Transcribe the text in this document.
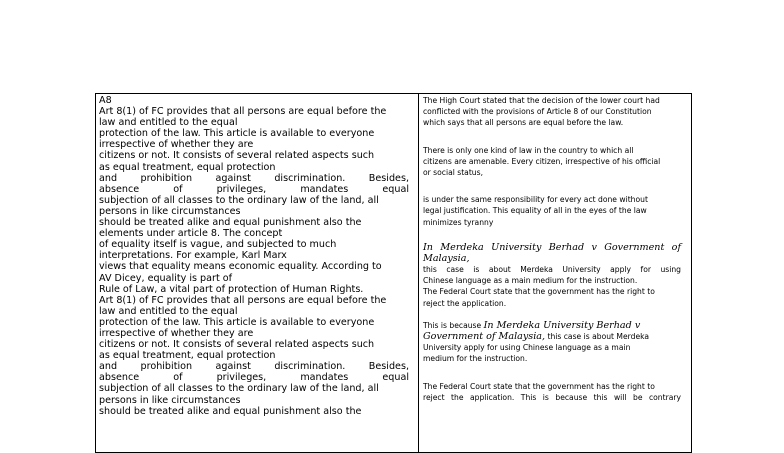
A8
Art 8(1) of FC provides that all persons are equal before the
law and entitled to the equal
protection of the law. This article is available to everyone
irrespective of whether they are
citizens or not. It consists of several related aspects such
as equal treatment, equal protection
and prohibition against discrimination. Besides,
absence of privileges, mandates equal
subjection of all classes to the ordinary law of the land, all
persons in like circumstances
should be treated alike and equal punishment also the
elements under article 8. The concept
of equality itself is vague, and subjected to much
interpretations. For example, Karl Marx
views that equality means economic equality. According to
AV Dicey, equality is part of
Rule of Law, a vital part of protection of Human Rights.
Art 8(1) of FC provides that all persons are equal before the
law and entitled to the equal
protection of the law. This article is available to everyone
irrespective of whether they are
citizens or not. It consists of several related aspects such
as equal treatment, equal protection
and prohibition against discrimination. Besides,
absence of privileges, mandates equal
subjection of all classes to the ordinary law of the land, all
persons in like circumstances
should be treated alike and equal punishment also the
The High Court stated that the decision of the lower court had
conflicted with the provisions of Article 8 of our Constitution
which says that all persons are equal before the law.
There is only one kind of law in the country to which all
citizens are amenable. Every citizen, irrespective of his official
or social status,
is under the same responsibility for every act done without
legal justification. This equality of all in the eyes of the law
minimizes tyranny
In Merdeka University Berhad v Government of
Malaysia,
this case is about Merdeka University apply for using
Chinese language as a main medium for the instruction.
The Federal Court state that the government has the right to
reject the application.
This is because In Merdeka University Berhad v
Government of Malaysia, this case is about Merdeka
University apply for using Chinese language as a main
medium for the instruction.
The Federal Court state that the government has the right to
reject the application. This is because this will be contrary
